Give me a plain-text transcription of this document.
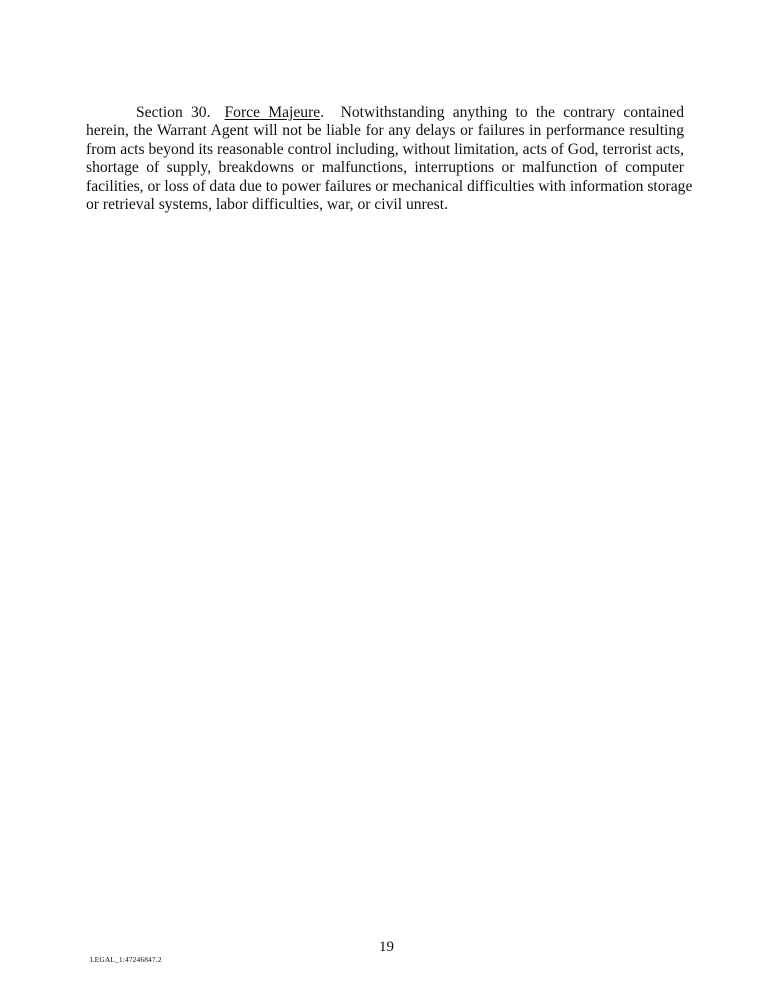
Section 30. Force Majeure. Notwithstanding anything to the contrary contained
herein, the Warrant Agent will not be liable for any delays or failures in performance resulting
from acts beyond its reasonable control including, without limitation, acts of God, terrorist acts,
shortage of supply, breakdowns or malfunctions, interruptions or malfunction of computer
facilities, or loss of data due to power failures or mechanical difficulties with information storage
or retrieval systems, labor difficulties, war, or civil unrest.
19
LEGAL_1:47246847.2
